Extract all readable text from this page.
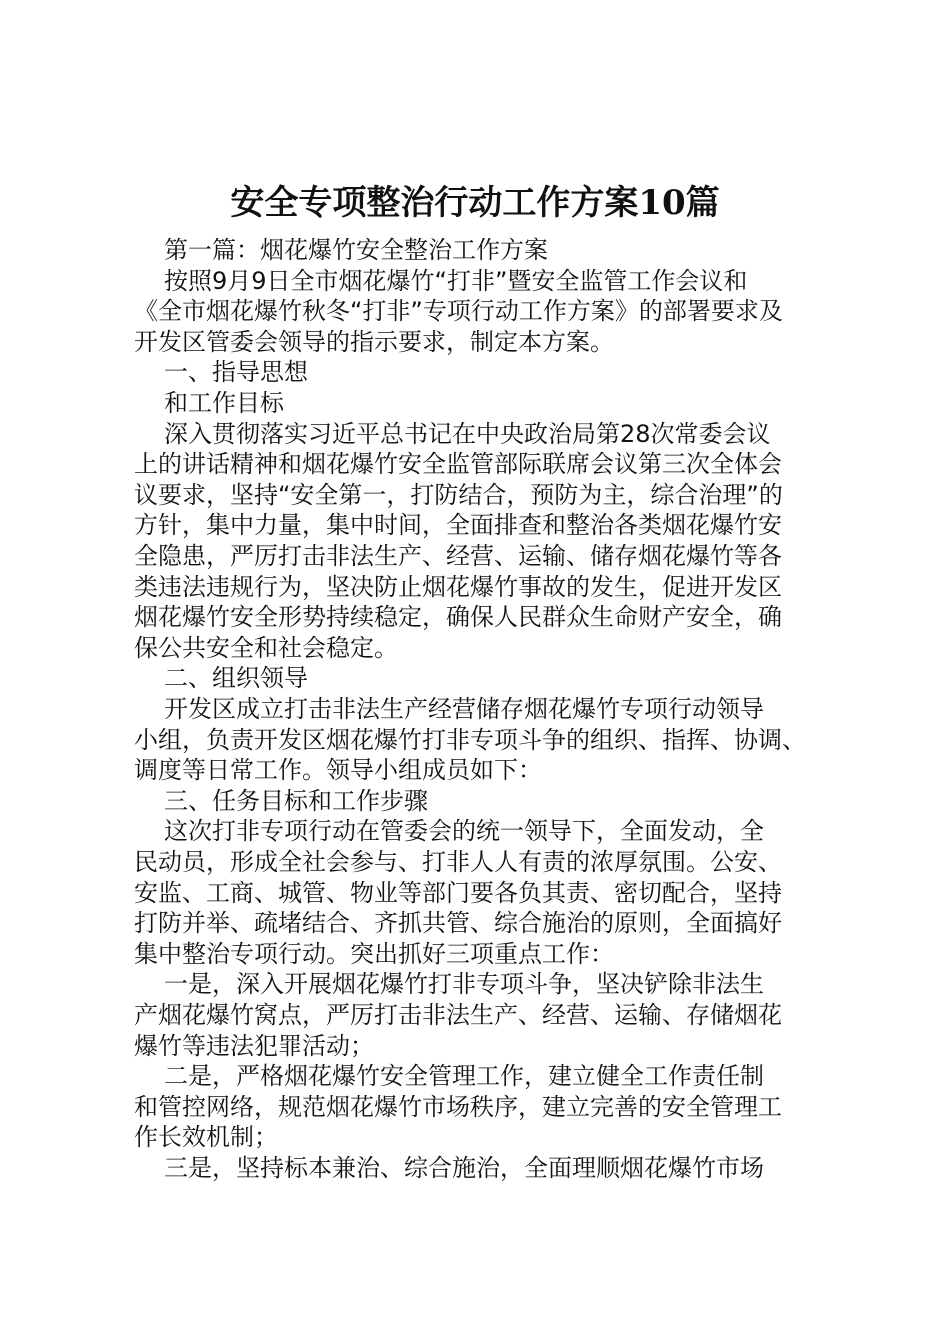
安全专项整治行动工作方案10篇
第一篇：烟花爆竹安全整治工作方案
按照9月9日全市烟花爆竹“打非”暨安全监管工作会议和
《全市烟花爆竹秋冬“打非”专项行动工作方案》的部署要求及
开发区管委会领导的指示要求，制定本方案。
一、指导思想
和工作目标
深入贯彻落实习近平总书记在中央政治局第28次常委会议
上的讲话精神和烟花爆竹安全监管部际联席会议第三次全体会
议要求，坚持“安全第一，打防结合，预防为主，综合治理”的
方针，集中力量，集中时间，全面排查和整治各类烟花爆竹安
全隐患，严厉打击非法生产、经营、运输、储存烟花爆竹等各
类违法违规行为，坚决防止烟花爆竹事故的发生，促进开发区
烟花爆竹安全形势持续稳定，确保人民群众生命财产安全，确
保公共安全和社会稳定。
二、组织领导
开发区成立打击非法生产经营储存烟花爆竹专项行动领导
小组，负责开发区烟花爆竹打非专项斗争的组织、指挥、协调、
调度等日常工作。领导小组成员如下：
三、任务目标和工作步骤
这次打非专项行动在管委会的统一领导下，全面发动，全
民动员，形成全社会参与、打非人人有责的浓厚氛围。公安、
安监、工商、城管、物业等部门要各负其责、密切配合，坚持
打防并举、疏堵结合、齐抓共管、综合施治的原则，全面搞好
集中整治专项行动。突出抓好三项重点工作：
一是，深入开展烟花爆竹打非专项斗争，坚决铲除非法生
产烟花爆竹窝点，严厉打击非法生产、经营、运输、存储烟花
爆竹等违法犯罪活动；
二是，严格烟花爆竹安全管理工作，建立健全工作责任制
和管控网络，规范烟花爆竹市场秩序，建立完善的安全管理工
作长效机制；
三是，坚持标本兼治、综合施治，全面理顺烟花爆竹市场
